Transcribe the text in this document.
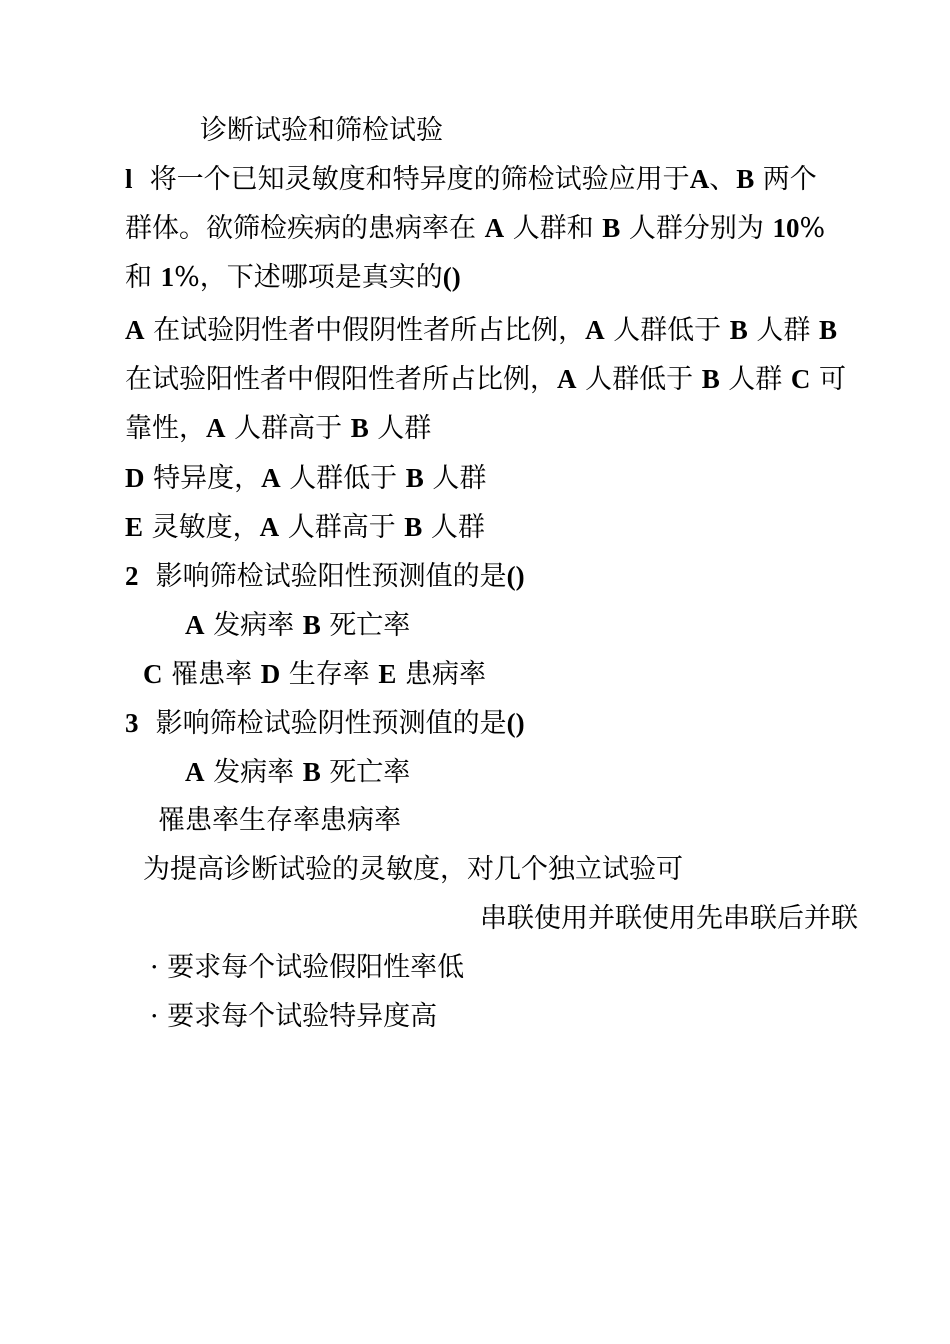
诊断试验和筛检试验
l 将一个已知灵敏度和特异度的筛检试验应用于A、B 两个
群体。欲筛检疾病的患病率在 A 人群和 B 人群分别为 10%
和 1%，下述哪项是真实的()
A 在试验阴性者中假阴性者所占比例，A 人群低于 B 人群 B
在试验阳性者中假阳性者所占比例，A 人群低于 B 人群 C 可
靠性，A 人群高于 B 人群
D 特异度，A 人群低于 B 人群
E 灵敏度，A 人群高于 B 人群
2 影响筛检试验阳性预测值的是()
A 发病率 B 死亡率
C 罹患率 D 生存率 E 患病率
3 影响筛检试验阴性预测值的是()
A 发病率 B 死亡率
罹患率生存率患病率
为提高诊断试验的灵敏度，对几个独立试验可
串联使用并联使用先串联后并联
· 要求每个试验假阳性率低
· 要求每个试验特异度高
